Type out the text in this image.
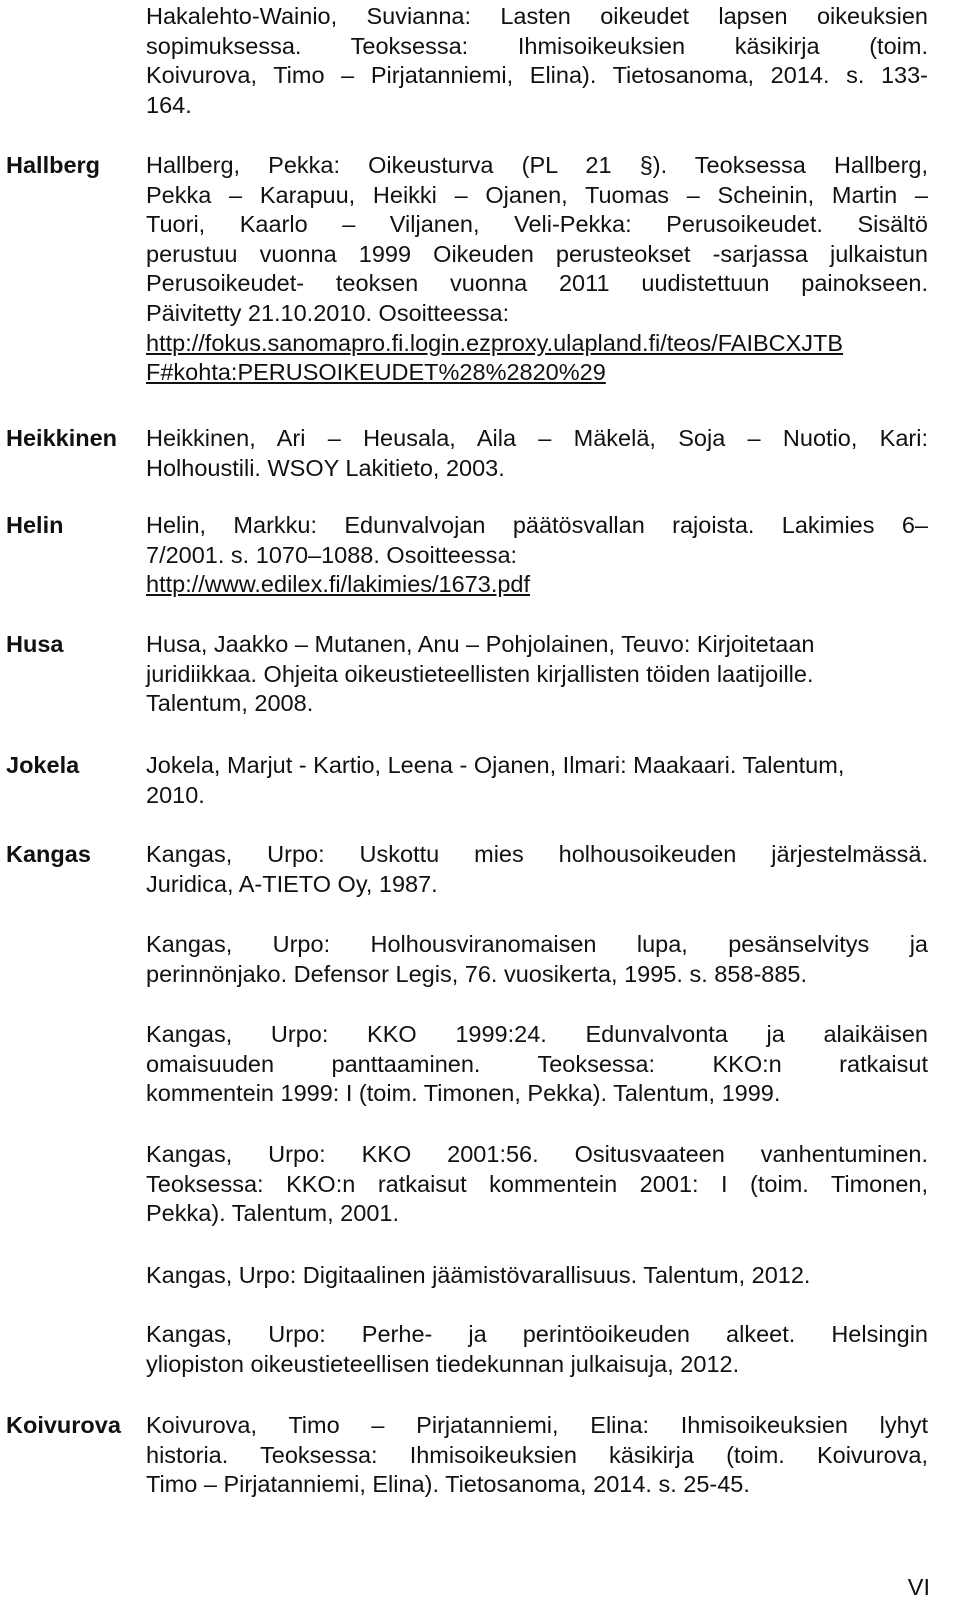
Hakalehto-Wainio, Suvianna: Lasten oikeudet lapsen oikeuksien
sopimuksessa. Teoksessa: Ihmisoikeuksien käsikirja (toim.
Koivurova, Timo – Pirjatanniemi, Elina). Tietosanoma, 2014. s. 133-
164.
Hallberg Hallberg, Pekka: Oikeusturva (PL 21 §). Teoksessa Hallberg,
Pekka – Karapuu, Heikki – Ojanen, Tuomas – Scheinin, Martin –
Tuori, Kaarlo – Viljanen, Veli-Pekka: Perusoikeudet. Sisältö
perustuu vuonna 1999 Oikeuden perusteokset -sarjassa julkaistun
Perusoikeudet- teoksen vuonna 2011 uudistettuun painokseen.
Päivitetty 21.10.2010. Osoitteessa:
http://fokus.sanomapro.fi.login.ezproxy.ulapland.fi/teos/FAIBCXJTB
F#kohta:PERUSOIKEUDET%28%2820%29
Heikkinen Heikkinen, Ari – Heusala, Aila – Mäkelä, Soja – Nuotio, Kari:
Holhoustili. WSOY Lakitieto, 2003.
Helin	Helin, Markku: Edunvalvojan päätösvallan rajoista. Lakimies 6–
7/2001. s. 1070–1088. Osoitteessa:
http://www.edilex.fi/lakimies/1673.pdf
Husa	Husa, Jaakko – Mutanen, Anu – Pohjolainen, Teuvo: Kirjoitetaan
juridiikkaa. Ohjeita oikeustieteellisten kirjallisten töiden laatijoille.
Talentum, 2008.
Jokela	Jokela, Marjut - Kartio, Leena - Ojanen, Ilmari: Maakaari. Talentum,
2010.
Kangas Kangas, Urpo: Uskottu mies holhousoikeuden järjestelmässä.
Juridica, A-TIETO Oy, 1987.
Kangas, Urpo: Holhousviranomaisen lupa, pesänselvitys ja
perinnönjako. Defensor Legis, 76. vuosikerta, 1995. s. 858-885.
Kangas, Urpo: KKO 1999:24. Edunvalvonta ja alaikäisen
omaisuuden panttaaminen. Teoksessa: KKO:n ratkaisut
kommentein 1999: I (toim. Timonen, Pekka). Talentum, 1999.
Kangas, Urpo: KKO 2001:56. Ositusvaateen vanhentuminen.
Teoksessa: KKO:n ratkaisut kommentein 2001: I (toim. Timonen,
Pekka). Talentum, 2001.
Kangas, Urpo: Digitaalinen jäämistövarallisuus. Talentum, 2012.
Kangas, Urpo: Perhe- ja perintöoikeuden alkeet. Helsingin
yliopiston oikeustieteellisen tiedekunnan julkaisuja, 2012.
Koivurova Koivurova, Timo – Pirjatanniemi, Elina: Ihmisoikeuksien lyhyt
historia. Teoksessa: Ihmisoikeuksien käsikirja (toim. Koivurova,
Timo – Pirjatanniemi, Elina). Tietosanoma, 2014. s. 25-45.
VI
